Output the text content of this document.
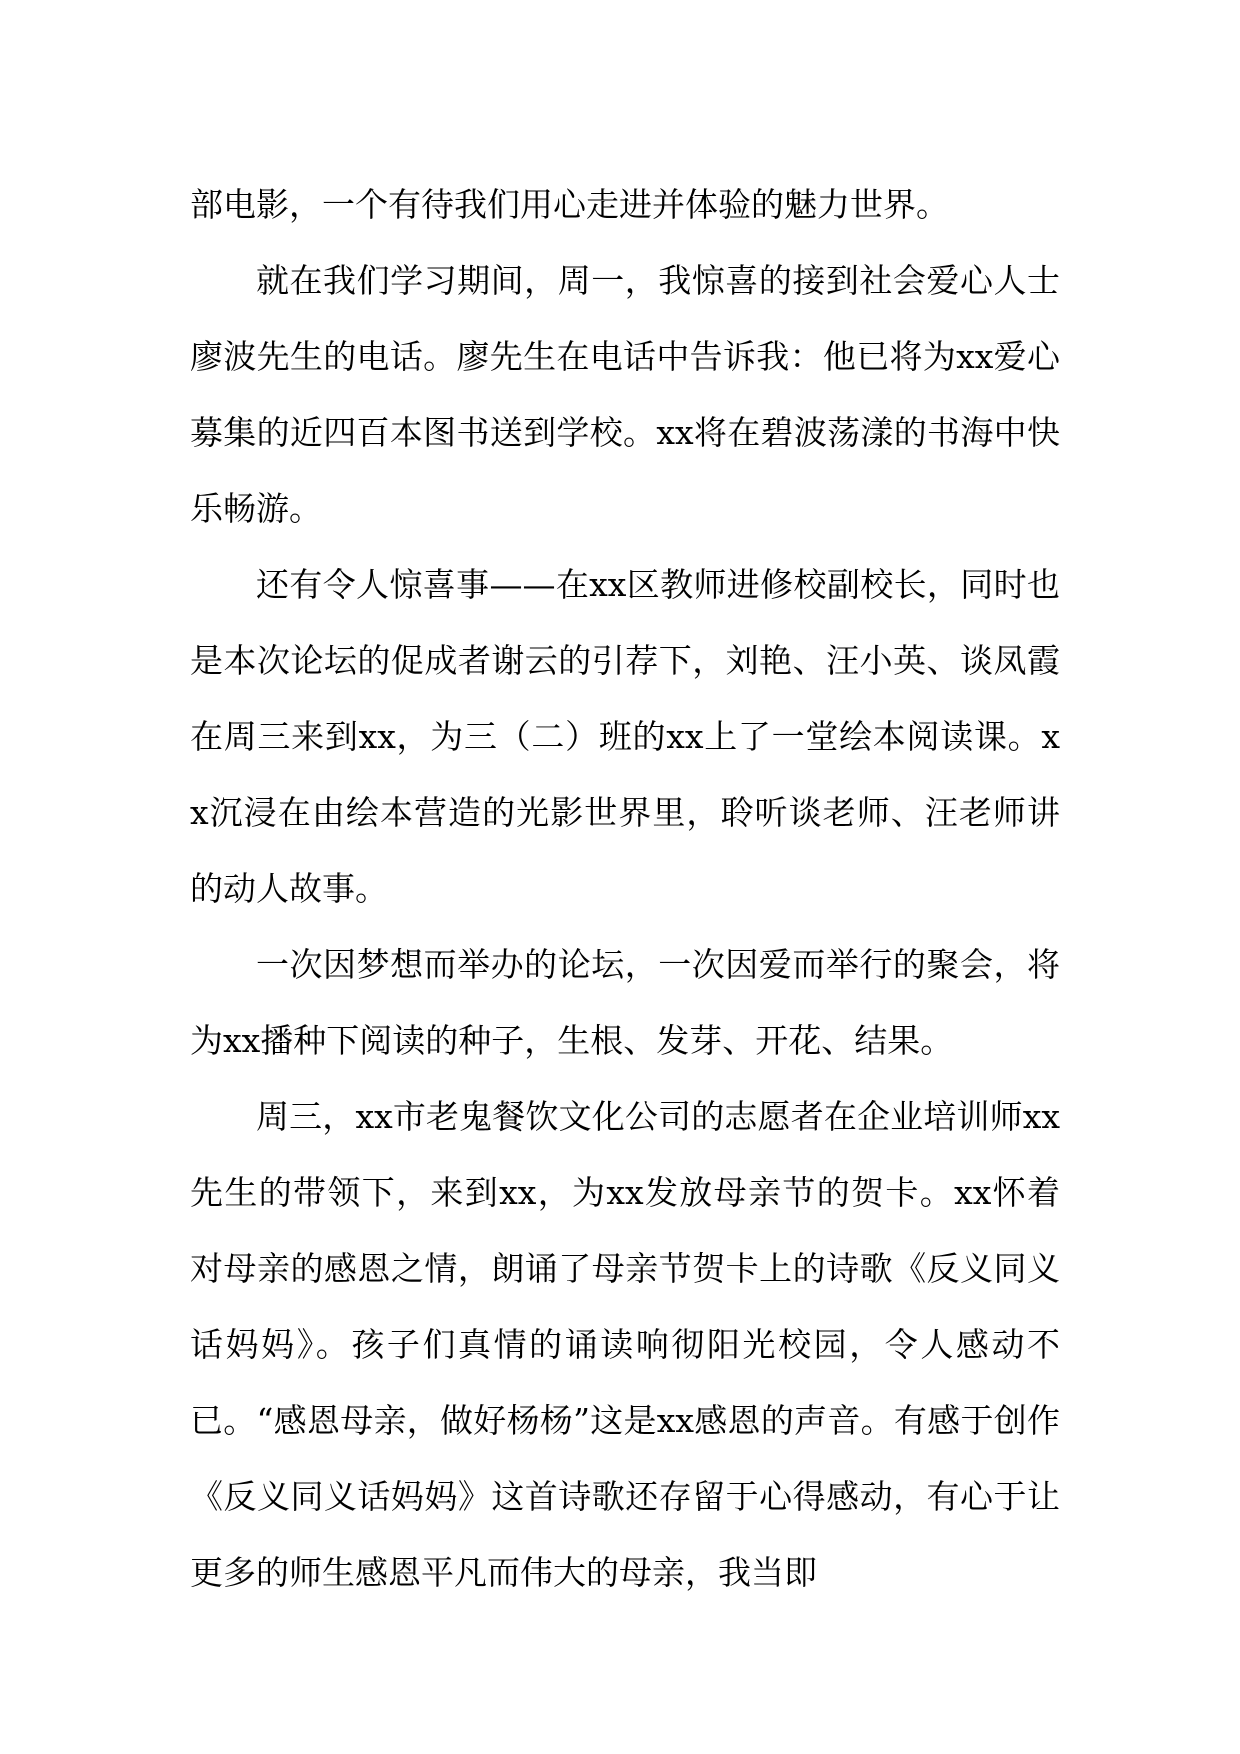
部电影，一个有待我们用心走进并体验的魅力世界。

就在我们学习期间，周一，我惊喜的接到社会爱心人士廖波先生的电话。廖先生在电话中告诉我：他已将为xx爱心募集的近四百本图书送到学校。xx将在碧波荡漾的书海中快乐畅游。

还有令人惊喜事——在xx区教师进修校副校长，同时也是本次论坛的促成者谢云的引荐下，刘艳、汪小英、谈凤霞在周三来到xx，为三（二）班的xx上了一堂绘本阅读课。xx沉浸在由绘本营造的光影世界里，聆听谈老师、汪老师讲的动人故事。

一次因梦想而举办的论坛，一次因爱而举行的聚会，将为xx播种下阅读的种子，生根、发芽、开花、结果。

周三，xx市老鬼餐饮文化公司的志愿者在企业培训师xx先生的带领下，来到xx，为xx发放母亲节的贺卡。xx怀着对母亲的感恩之情，朗诵了母亲节贺卡上的诗歌《反义同义话妈妈》。孩子们真情的诵读响彻阳光校园，令人感动不已。“感恩母亲，做好杨杨”这是xx感恩的声音。有感于创作《反义同义话妈妈》这首诗歌还存留于心得感动，有心于让更多的师生感恩平凡而伟大的母亲，我当即
